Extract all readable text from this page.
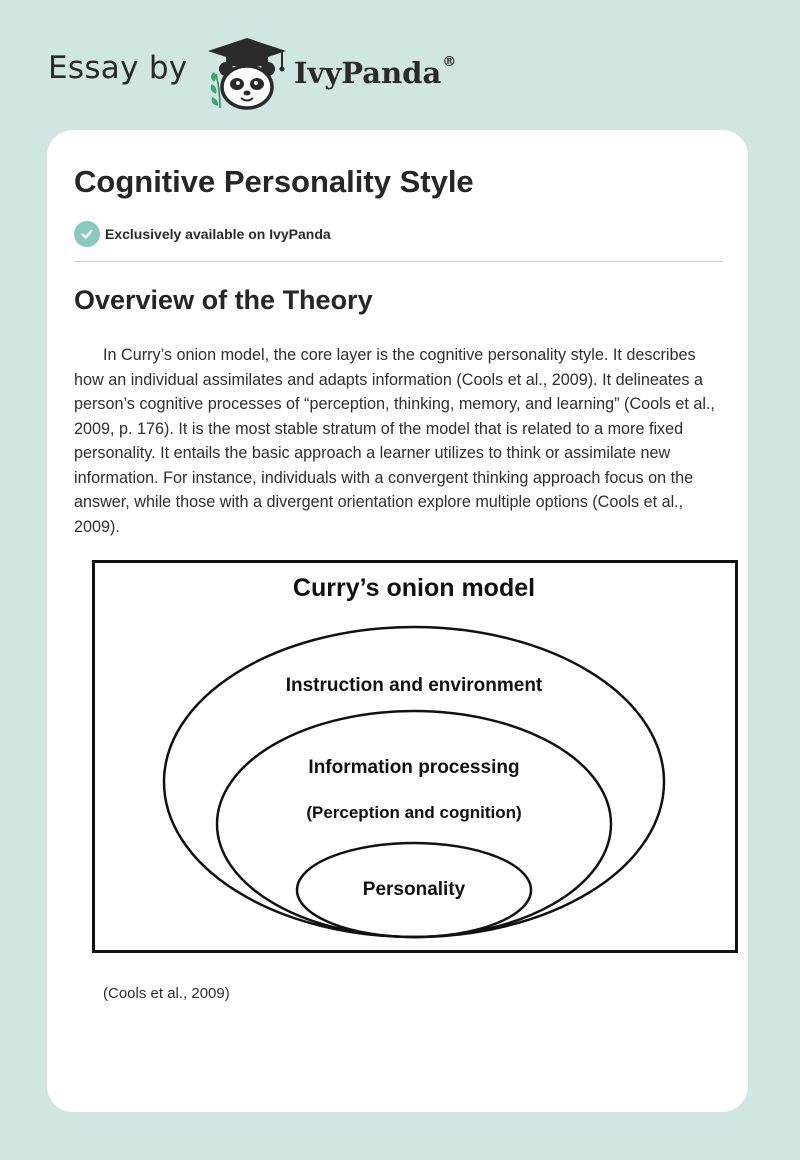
Essay by	IvyPanda®
Cognitive Personality Style
Exclusively available on IvyPanda
Overview of the Theory

In Curry’s onion model, the core layer is the cognitive personality style. It describes how an individual assimilates and adapts information (Cools et al., 2009). It delineates a person’s cognitive processes of “perception, thinking, memory, and learning” (Cools et al., 2009, p. 176). It is the most stable stratum of the model that is related to a more fixed personality. It entails the basic approach a learner utilizes to think or assimilate new information. For instance, individuals with a convergent thinking approach focus on the answer, while those with a divergent orientation explore multiple options (Cools et al., 2009).

Curry’s onion model
Instruction and environment
Information processing
(Perception and cognition)
Personality
(Cools et al., 2009)
